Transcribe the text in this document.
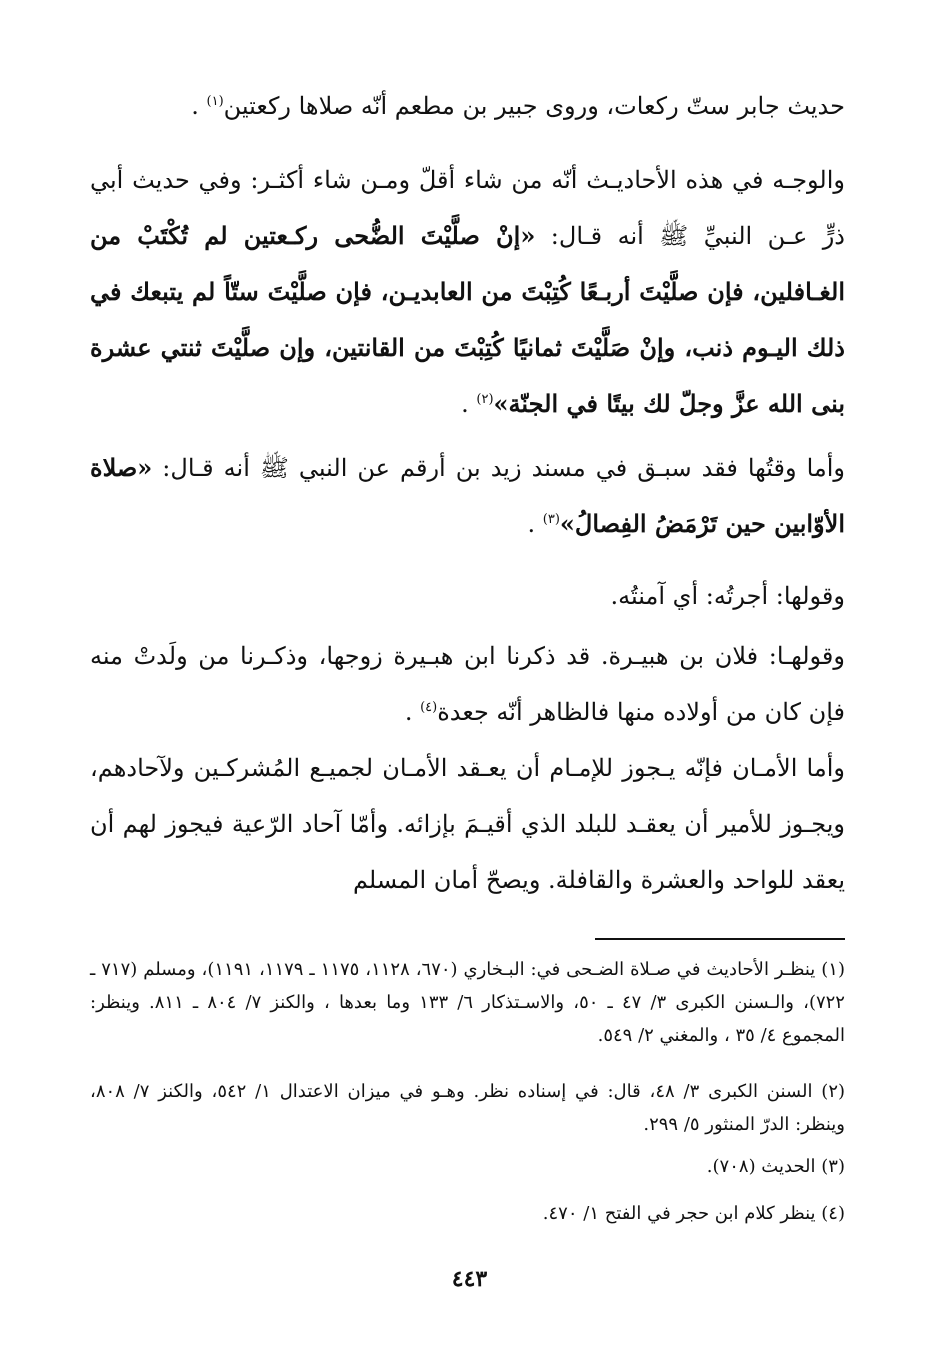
حديث جابر ستّ ركعات، وروى جبير بن مطعم أنّه صلاها ركعتين$^{(١)}$ .
والوجـه في هذه الأحاديـث أنّه من شاء أقلّ ومـن شاء أكثـر: وفي حديث أبي ذرٍّ عـن النبيِّ ﷺ أنه قـال: «إنْ صلَّيْتَ الضُّحى ركـعتين لم تُكْتَبْ من الغـافلين، فإن صلَّيْتَ أربـعًا كُتِبْتَ من العابديـن، فإن صلَّيْتَ ستّاً لم يتبعك في ذلك اليـوم ذنب، وإنْ صَلَّيْتَ ثمانيًا كُتِبْتَ من القانتين، وإن صلَّيْتَ ثنتي عشرة بنى الله عزَّ وجلّ لك بيتًا في الجنّة»$^{(٢)}$ .
وأما وقتُها فقد سبـق في مسند زيد بن أرقم عن النبي ﷺ أنه قـال: «صلاة الأوّابين حين تَرْمَضُ الفِصالُ»$^{(٣)}$ .
وقولها: أجرتُه: أي آمنتُه.
وقولهـا: فلان بن هبيـرة. قد ذكرنا ابن هبـيرة زوجها، وذكـرنا من ولَدتْ منه فإن كان من أولاده منها فالظاهر أنّه جعدة$^{(٤)}$ .
وأما الأمـان فإنّه يـجوز للإمـام أن يعـقد الأمـان لجميـع المُشركـين ولآحادهم، ويجـوز للأمير أن يعقـد للبلد الذي أقيـمَ بإزائه. وأمّا آحاد الرّعية فيجوز لهم أن يعقد للواحد والعشرة والقافلة. ويصحّ أمان المسلم
(١) ينظـر الأحاديث في صـلاة الضـحى في: البـخاري (٦٧٠، ١١٢٨، ١١٧٥ ـ ١١٧٩، ١١٩١)، ومسلم (٧١٧ ـ ٧٢٢)، والـسنن الكبرى ٣/ ٤٧ ـ ٥٠، والاسـتذكار ٦/ ١٣٣ وما بعدها ، والكنز ٧/ ٨٠٤ ـ ٨١١. وينظر: المجموع ٤/ ٣٥ ، والمغني ٢/ ٥٤٩.
(٢) السنن الكبرى ٣/ ٤٨، قال: في إسناده نظر. وهـو في ميزان الاعتدال ١/ ٥٤٢، والكنز ٧/ ٨٠٨، وينظر: الدرّ المنثور ٥/ ٢٩٩.
(٣) الحديث (٧٠٨).
(٤) ينظر كلام ابن حجر في الفتح ١/ ٤٧٠.
٤٤٣
